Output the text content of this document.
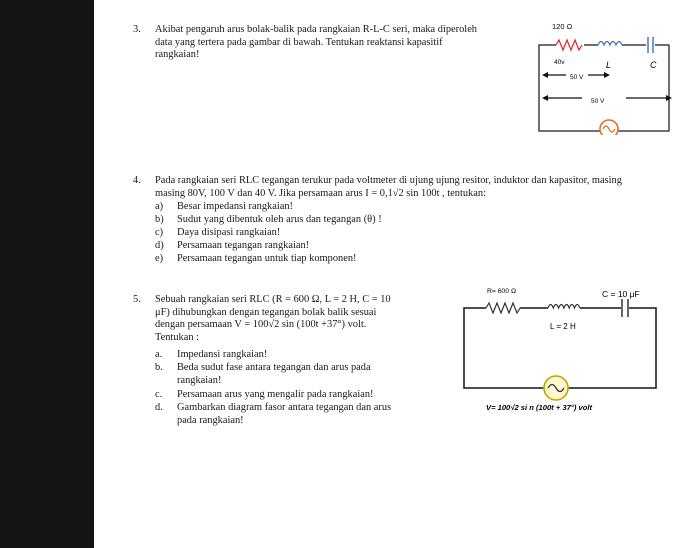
3. Akibat pengaruh arus bolak-balik pada rangkaian R-L-C seri, maka diperoleh
data yang tertera pada gambar di bawah. Tentukan reaktansi kapasitif
rangkaian!
120 Ω
40v	L	C
50 V
50 V
4. Pada rangkaian seri RLC tegangan terukur pada voltmeter di ujung ujung resitor, induktor dan kapasitor, masing
masing 80V, 100 V dan 40 V. Jika persamaan arus I = 0,1√2 sin 100t , tentukan:
a) Besar impedansi rangkaian!
b) Sudut yang dibentuk oleh arus dan tegangan (θ) !
c) Daya disipasi rangkaian!
d) Persamaan tegangan rangkaian!
e) Persamaan tegangan untuk tiap komponen!
5. Sebuah rangkaian seri RLC (R = 600 Ω, L = 2 H, C = 10
μF) dihubungkan dengan tegangan bolak balik sesuai
dengan persamaan V = 100√2 sin (100t +37°) volt.
Tentukan :
a. Impedansi rangkaian!
b. Beda sudut fase antara tegangan dan arus pada
rangkaian!
c. Persamaan arus yang mengalir pada rangkaian!
d. Gambarkan diagram fasor antara tegangan dan arus
pada rangkaian!
R= 600 Ω	C = 10 μF
L = 2 H
V= 100√2 si n (100t + 37°) volt
